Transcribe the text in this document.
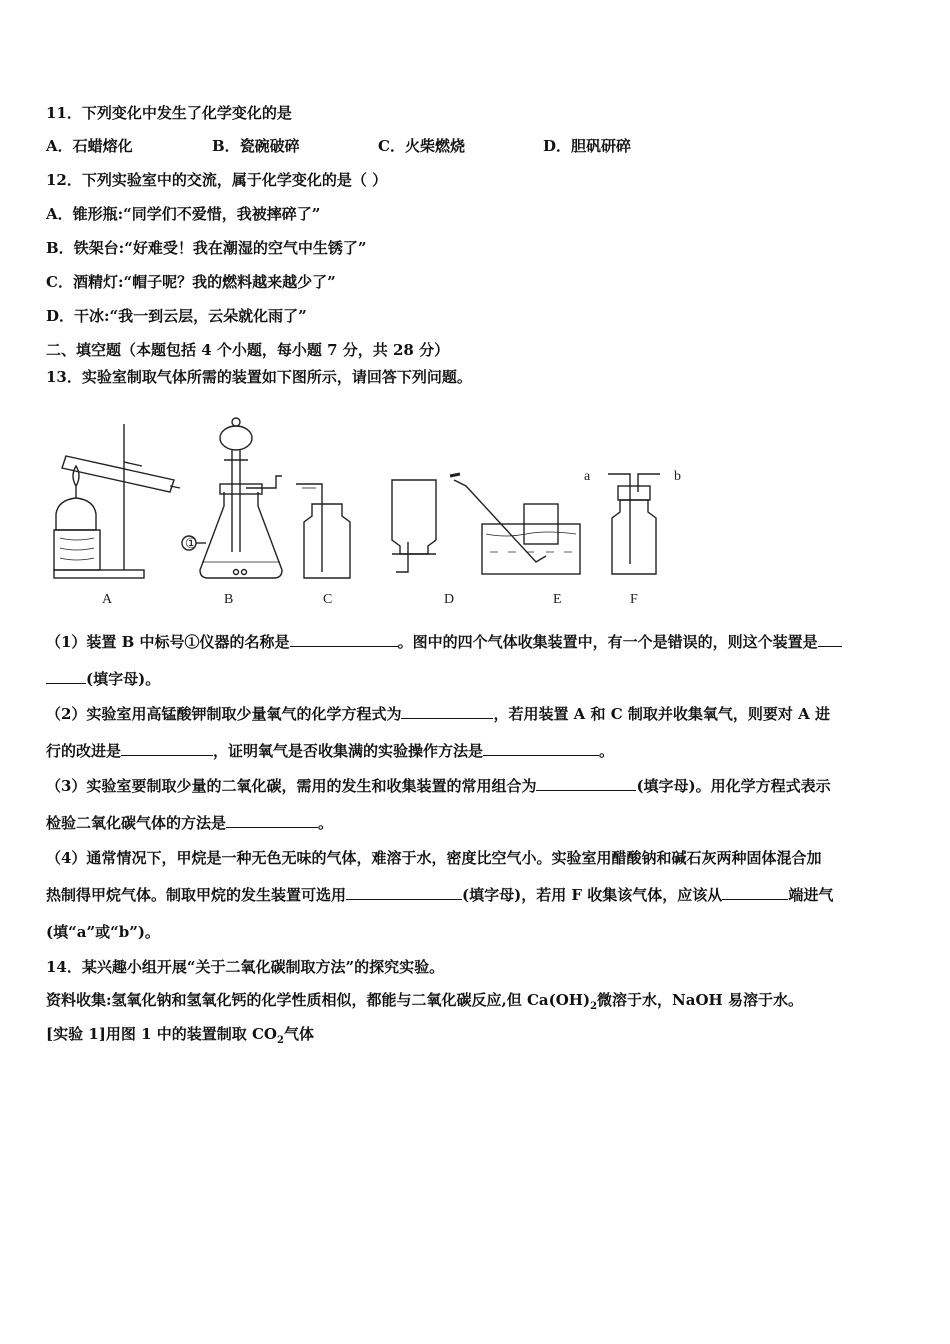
11．下列变化中发生了化学变化的是
A．石蜡熔化	B．瓷碗破碎	C．火柴燃烧	D．胆矾研碎
12．下列实验室中的交流，属于化学变化的是（ ）
A．锥形瓶:“同学们不爱惜，我被摔碎了”
B．铁架台:“好难受！我在潮湿的空气中生锈了”
C．酒精灯:“帽子呢？我的燃料越来越少了”
D．干冰:“我一到云层，云朵就化雨了”
二、填空题（本题包括 4 个小题，每小题 7 分，共 28 分）
13．实验室制取气体所需的装置如下图所示，请回答下列问题。
①
a	b
A	B	C	D	E	F
（1）装置 B 中标号①仪器的名称是	。图中的四个气体收集装置中，有一个是错误的，则这个装置是
(填字母)。
（2）实验室用高锰酸钾制取少量氧气的化学方程式为	，若用装置 A 和 C 制取并收集氧气，则要对 A 进
行的改进是	，证明氧气是否收集满的实验操作方法是	。
（3）实验室要制取少量的二氧化碳，需用的发生和收集装置的常用组合为	(填字母)。用化学方程式表示
检验二氧化碳气体的方法是	。
（4）通常情况下，甲烷是一种无色无味的气体，难溶于水，密度比空气小。实验室用醋酸钠和碱石灰两种固体混合加
热制得甲烷气体。制取甲烷的发生装置可选用	(填字母)，若用 F 收集该气体，应该从	端进气
(填“a”或“b”)。
14．某兴趣小组开展“关于二氧化碳制取方法”的探究实验。
资料收集:氢氧化钠和氢氧化钙的化学性质相似，都能与二氧化碳反应,但 $Ca(OH)_2$微溶于水，NaOH 易溶于水。
[实验 1]用图 1 中的装置制取 $CO_2$气体
